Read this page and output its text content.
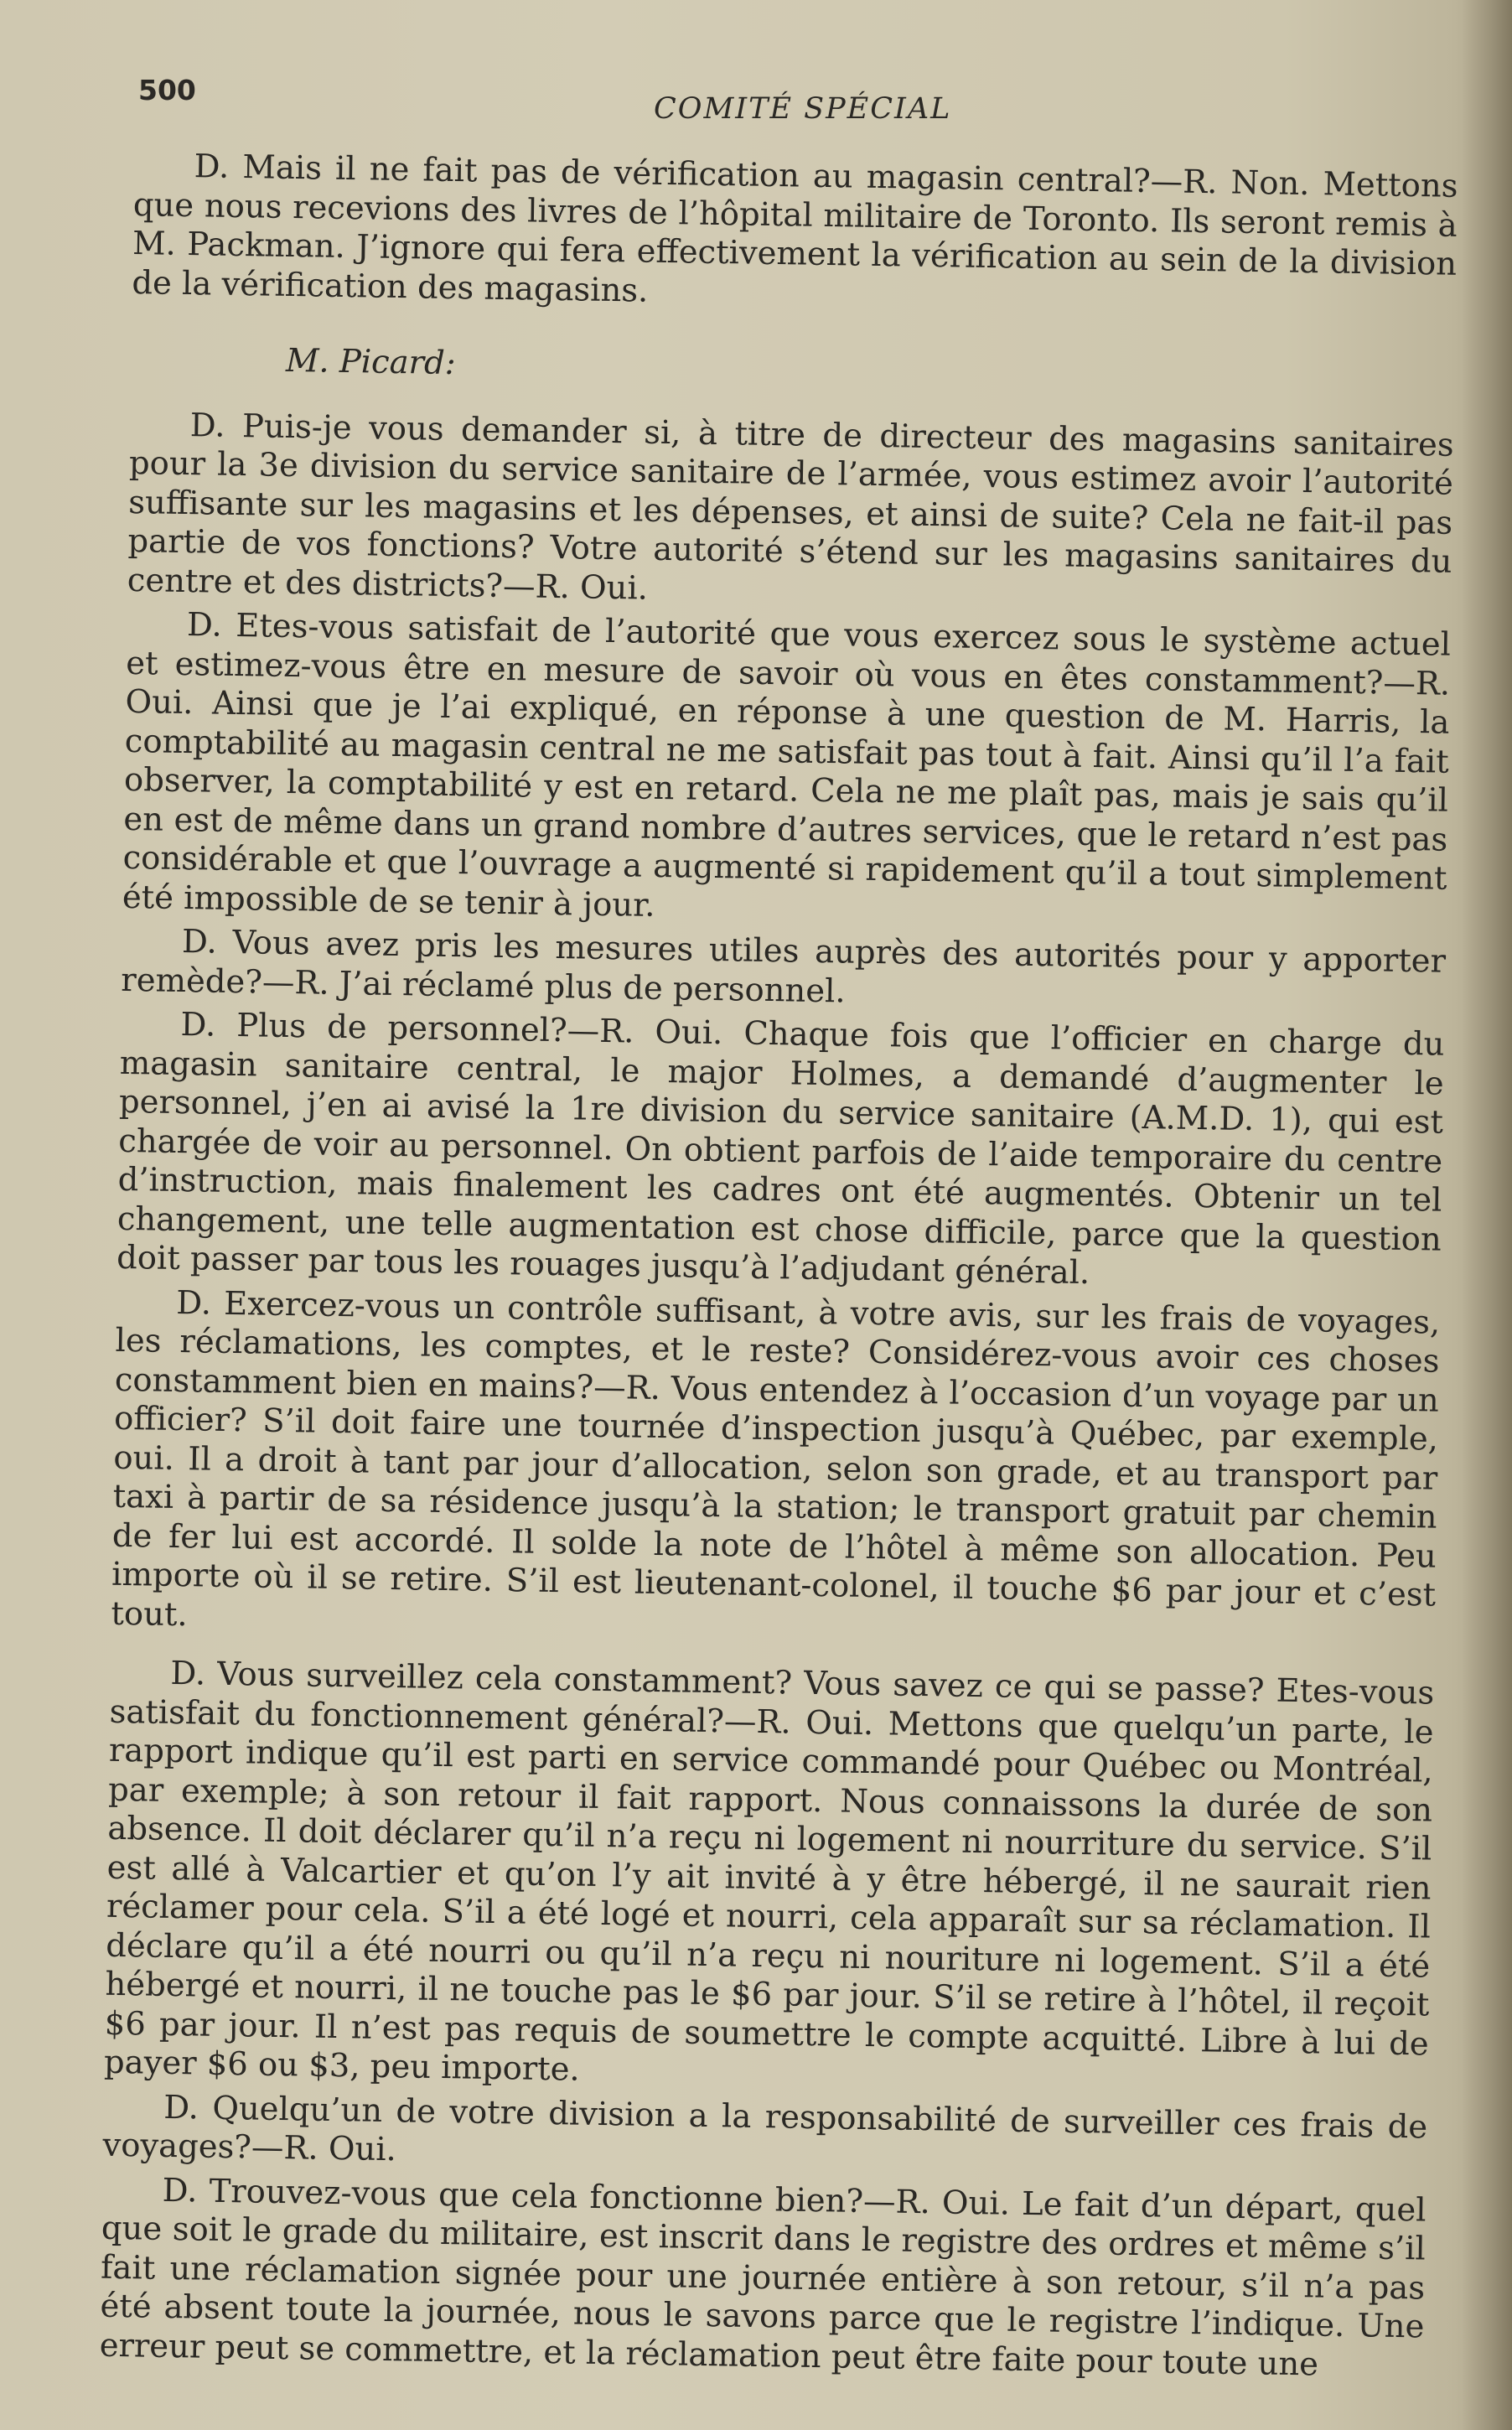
500
COMITÉ SPÉCIAL

D. Mais il ne fait pas de vérification au magasin central?—R. Non. Mettons que nous recevions des livres de l’hôpital militaire de Toronto. Ils seront remis à M. Packman. J’ignore qui fera effectivement la vérification au sein de la division de la vérification des magasins.

M. Picard:

D. Puis-je vous demander si, à titre de directeur des magasins sanitaires pour la 3e division du service sanitaire de l’armée, vous estimez avoir l’autorité suffisante sur les magasins et les dépenses, et ainsi de suite? Cela ne fait-il pas partie de vos fonctions? Votre autorité s’étend sur les magasins sanitaires du centre et des districts?—R. Oui.

D. Etes-vous satisfait de l’autorité que vous exercez sous le système actuel et estimez-vous être en mesure de savoir où vous en êtes constamment?—R. Oui. Ainsi que je l’ai expliqué, en réponse à une question de M. Harris, la comptabilité au magasin central ne me satisfait pas tout à fait. Ainsi qu’il l’a fait observer, la comptabilité y est en retard. Cela ne me plaît pas, mais je sais qu’il en est de même dans un grand nombre d’autres services, que le retard n’est pas considérable et que l’ouvrage a augmenté si rapidement qu’il a tout simplement été impossible de se tenir à jour.

D. Vous avez pris les mesures utiles auprès des autorités pour y apporter remède?—R. J’ai réclamé plus de personnel.

D. Plus de personnel?—R. Oui. Chaque fois que l’officier en charge du magasin sanitaire central, le major Holmes, a demandé d’augmenter le personnel, j’en ai avisé la 1re division du service sanitaire (A.M.D. 1), qui est chargée de voir au personnel. On obtient parfois de l’aide temporaire du centre d’instruction, mais finalement les cadres ont été augmentés. Obtenir un tel changement, une telle augmentation est chose difficile, parce que la question doit passer par tous les rouages jusqu’à l’adjudant général.

D. Exercez-vous un contrôle suffisant, à votre avis, sur les frais de voyages, les réclamations, les comptes, et le reste? Considérez-vous avoir ces choses constamment bien en mains?—R. Vous entendez à l’occasion d’un voyage par un officier? S’il doit faire une tournée d’inspection jusqu’à Québec, par exemple, oui. Il a droit à tant par jour d’allocation, selon son grade, et au transport par taxi à partir de sa résidence jusqu’à la station; le transport gratuit par chemin de fer lui est accordé. Il solde la note de l’hôtel à même son allocation. Peu importe où il se retire. S’il est lieutenant-colonel, il touche $6 par jour et c’est tout.

D. Vous surveillez cela constamment? Vous savez ce qui se passe? Etes-vous satisfait du fonctionnement général?—R. Oui. Mettons que quelqu’un parte, le rapport indique qu’il est parti en service commandé pour Québec ou Montréal, par exemple; à son retour il fait rapport. Nous connaissons la durée de son absence. Il doit déclarer qu’il n’a reçu ni logement ni nourriture du service. S’il est allé à Valcartier et qu’on l’y ait invité à y être hébergé, il ne saurait rien réclamer pour cela. S’il a été logé et nourri, cela apparaît sur sa réclamation. Il déclare qu’il a été nourri ou qu’il n’a reçu ni nouriture ni logement. S’il a été hébergé et nourri, il ne touche pas le $6 par jour. S’il se retire à l’hôtel, il reçoit $6 par jour. Il n’est pas requis de soumettre le compte acquitté. Libre à lui de payer $6 ou $3, peu importe.

D. Quelqu’un de votre division a la responsabilité de surveiller ces frais de voyages?—R. Oui.

D. Trouvez-vous que cela fonctionne bien?—R. Oui. Le fait d’un départ, quel que soit le grade du militaire, est inscrit dans le registre des ordres et même s’il fait une réclamation signée pour une journée entière à son retour, s’il n’a pas été absent toute la journée, nous le savons parce que le registre l’indique. Une erreur peut se commettre, et la réclamation peut être faite pour toute une
